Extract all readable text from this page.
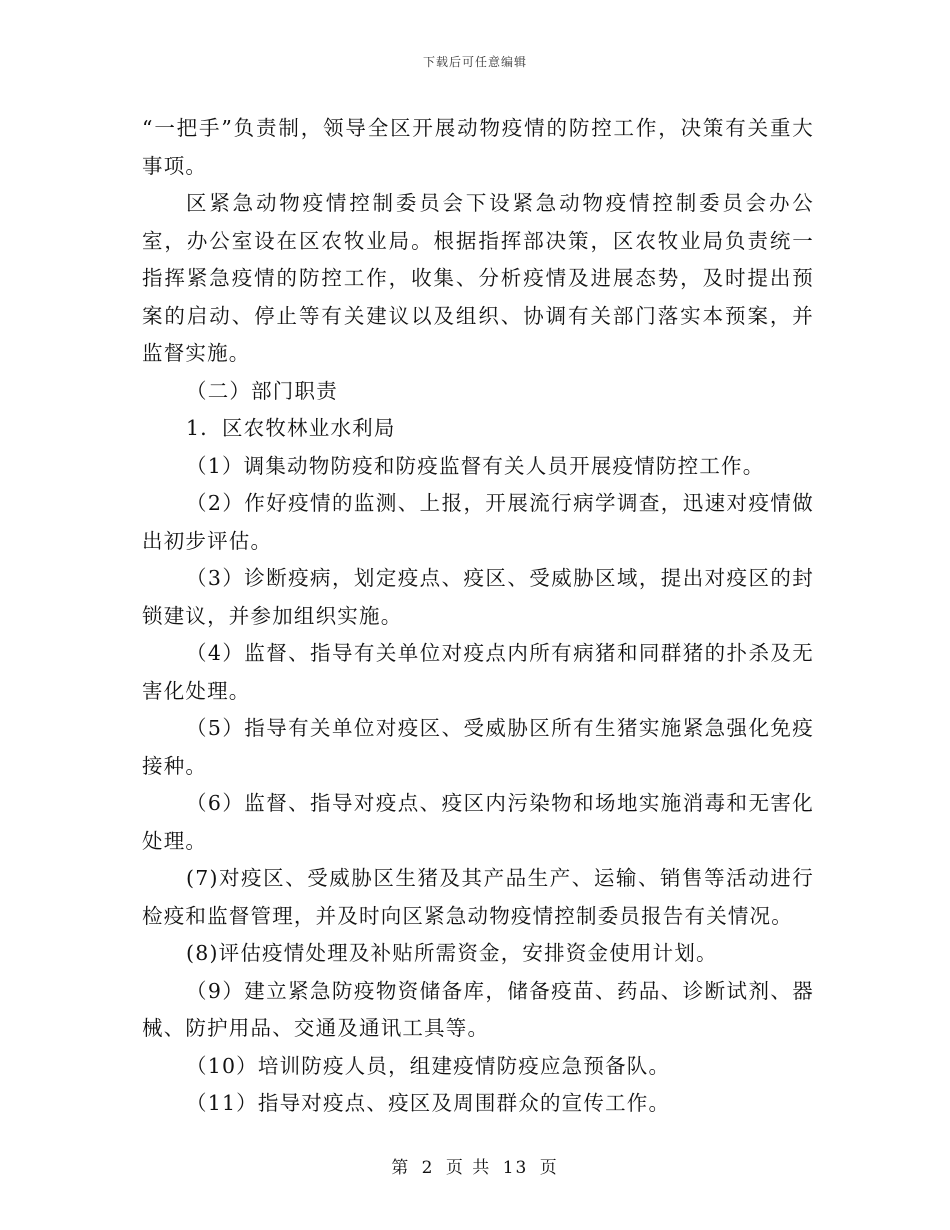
下载后可任意编辑

“一把手”负责制，领导全区开展动物疫情的防控工作，决策有关重大事项。

区紧急动物疫情控制委员会下设紧急动物疫情控制委员会办公室，办公室设在区农牧业局。根据指挥部决策，区农牧业局负责统一指挥紧急疫情的防控工作，收集、分析疫情及进展态势，及时提出预案的启动、停止等有关建议以及组织、协调有关部门落实本预案，并监督实施。

（二）部门职责

1．区农牧林业水利局

（1）调集动物防疫和防疫监督有关人员开展疫情防控工作。

（2）作好疫情的监测、上报，开展流行病学调查，迅速对疫情做出初步评估。

（3）诊断疫病，划定疫点、疫区、受威胁区域，提出对疫区的封锁建议，并参加组织实施。

（4）监督、指导有关单位对疫点内所有病猪和同群猪的扑杀及无害化处理。

（5）指导有关单位对疫区、受威胁区所有生猪实施紧急强化免疫接种。

（6）监督、指导对疫点、疫区内污染物和场地实施消毒和无害化处理。

(7)对疫区、受威胁区生猪及其产品生产、运输、销售等活动进行检疫和监督管理，并及时向区紧急动物疫情控制委员报告有关情况。

(8)评估疫情处理及补贴所需资金，安排资金使用计划。

（9）建立紧急防疫物资储备库，储备疫苗、药品、诊断试剂、器械、防护用品、交通及通讯工具等。

（10）培训防疫人员，组建疫情防疫应急预备队。

（11）指导对疫点、疫区及周围群众的宣传工作。

第 2 页 共 13 页
